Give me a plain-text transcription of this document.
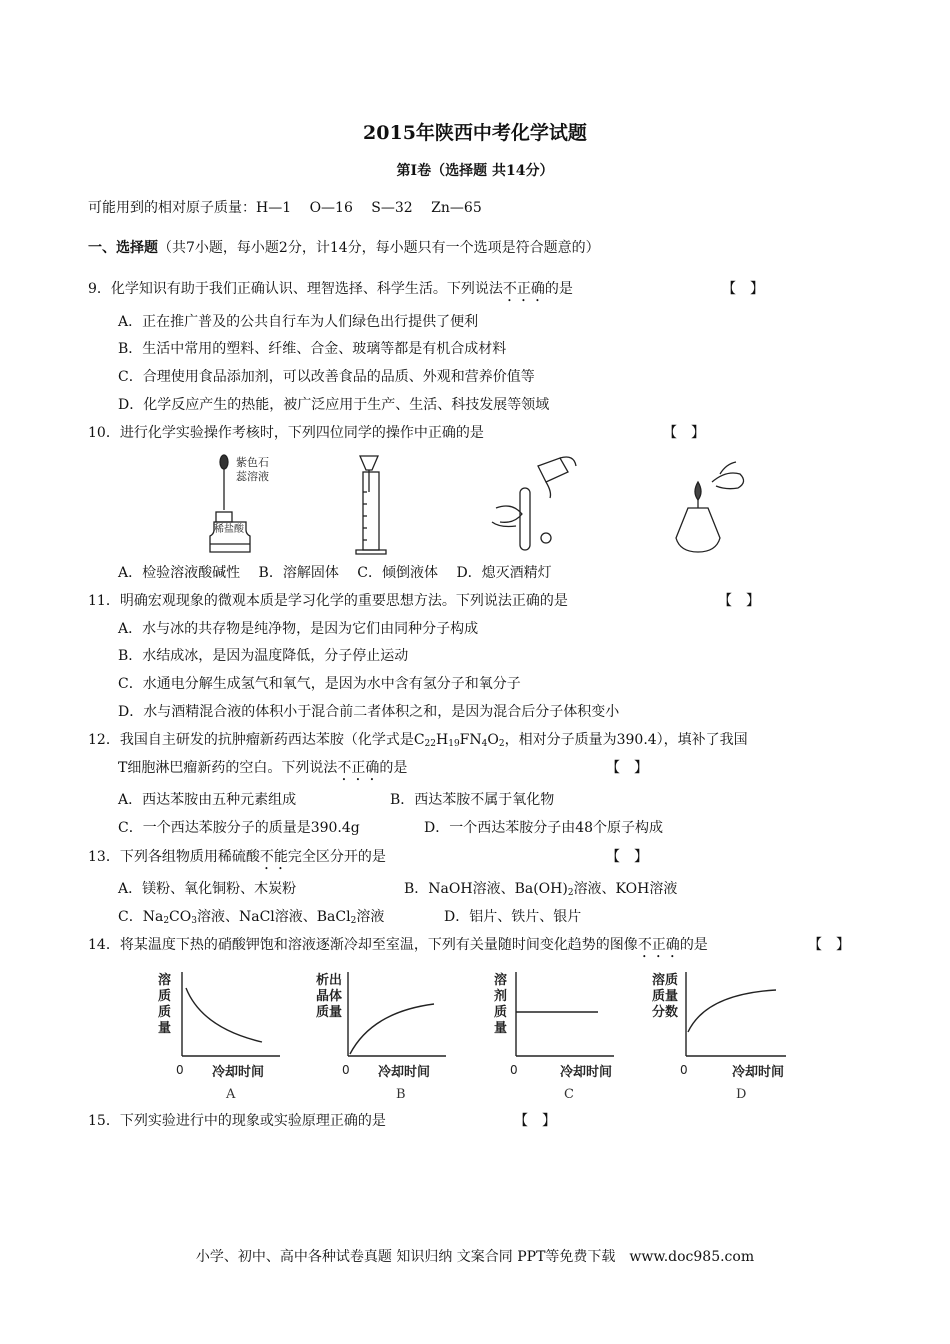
2015年陕西中考化学试题
第Ⅰ卷（选择题 共14分）
可能用到的相对原子质量：H—1　 O—16　 S—32　 Zn—65
一、选择题（共7小题，每小题2分，计14分，每小题只有一个选项是符合题意的）
9．化学知识有助于我们正确认识、理智选择、科学生活。下列说法不正确的是	【　】
A．正在推广普及的公共自行车为人们绿色出行提供了便利
B．生活中常用的塑料、纤维、合金、玻璃等都是有机合成材料
C．合理使用食品添加剂，可以改善食品的品质、外观和营养价值等
D．化学反应产生的热能，被广泛应用于生产、生活、科技发展等领域
10．进行化学实验操作考核时，下列四位同学的操作中正确的是	【　】
紫色石
蕊溶液
稀盐酸
A．检验溶液酸碱性　 B．溶解固体　 C．倾倒液体　 D．熄灭酒精灯
11．明确宏观现象的微观本质是学习化学的重要思想方法。下列说法正确的是	【　】
A．水与冰的共存物是纯净物，是因为它们由同种分子构成
B．水结成冰，是因为温度降低，分子停止运动
C．水通电分解生成氢气和氧气，是因为水中含有氢分子和氧分子
D．水与酒精混合液的体积小于混合前二者体积之和，是因为混合后分子体积变小
12．我国自主研发的抗肿瘤新药西达苯胺（化学式是$C_{22}H_{19}FN_4O_2$，相对分子质量为390.4），填补了我国
T细胞淋巴瘤新药的空白。下列说法不正确的是	【　】
A．西达苯胺由五种元素组成	B．西达苯胺不属于氧化物
C．一个西达苯胺分子的质量是390.4g	D．一个西达苯胺分子由48个原子构成
13．下列各组物质用稀硫酸不能完全区分开的是	【　】
A．镁粉、氧化铜粉、木炭粉	B．NaOH溶液、$Ba(OH)_2$溶液、KOH溶液
C．$Na_2CO_3$溶液、NaCl溶液、BaCl$_2$溶液	D．铝片、铁片、银片
14．将某温度下热的硝酸钾饱和溶液逐渐冷却至室温，下列有关量随时间变化趋势的图像不正确的是	【　】
溶
质
质
量
0 冷却时间
A
析出
晶体
质量
0 冷却时间
B
溶
剂
质
量
0	冷却时间
C
溶质
质量
分数
0	冷却时间
D
15．下列实验进行中的现象或实验原理正确的是	【　】
小学、初中、高中各种试卷真题 知识归纳 文案合同 PPT等免费下载　www.doc985.com
